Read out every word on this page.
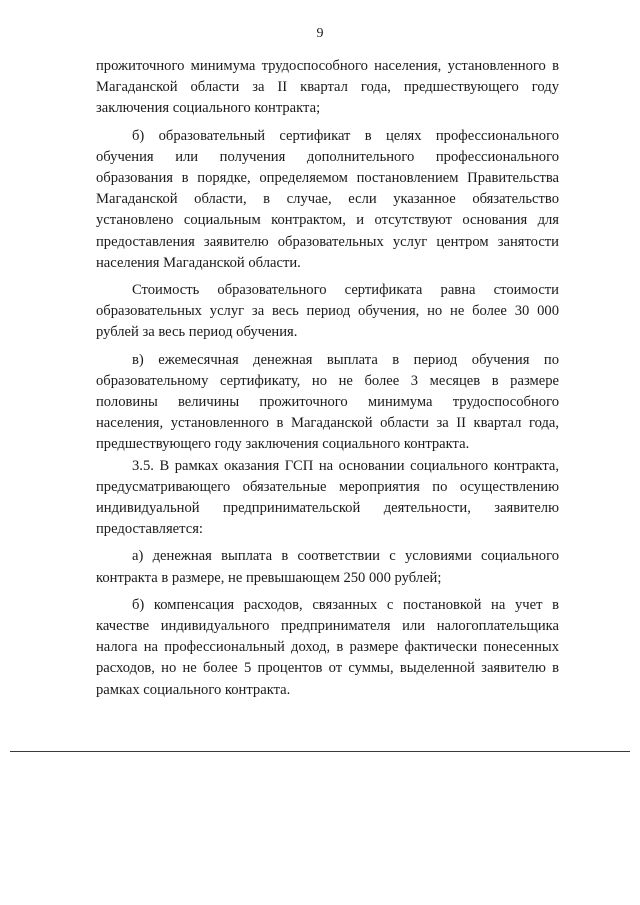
9

прожиточного минимума трудоспособного населения, установленного в Магаданской области за II квартал года, предшествующего году заключения социального контракта;

б) образовательный сертификат в целях профессионального обучения или получения дополнительного профессионального образования в порядке, определяемом постановлением Правительства Магаданской области, в случае, если указанное обязательство установлено социальным контрактом, и отсутствуют основания для предоставления заявителю образовательных услуг центром занятости населения Магаданской области.

Стоимость образовательного сертификата равна стоимости образовательных услуг за весь период обучения, но не более 30 000 рублей за весь период обучения.

в) ежемесячная денежная выплата в период обучения по образовательному сертификату, но не более 3 месяцев в размере половины величины прожиточного минимума трудоспособного населения, установленного в Магаданской области за II квартал года, предшествующего году заключения социального контракта.

3.5. В рамках оказания ГСП на основании социального контракта, предусматривающего обязательные мероприятия по осуществлению индивидуальной предпринимательской деятельности, заявителю предоставляется:

а) денежная выплата в соответствии с условиями социального контракта в размере, не превышающем 250 000 рублей;

б) компенсация расходов, связанных с постановкой на учет в качестве индивидуального предпринимателя или налогоплательщика налога на профессиональный доход, в размере фактически понесенных расходов, но не более 5 процентов от суммы, выделенной заявителю в рамках социального контракта.
